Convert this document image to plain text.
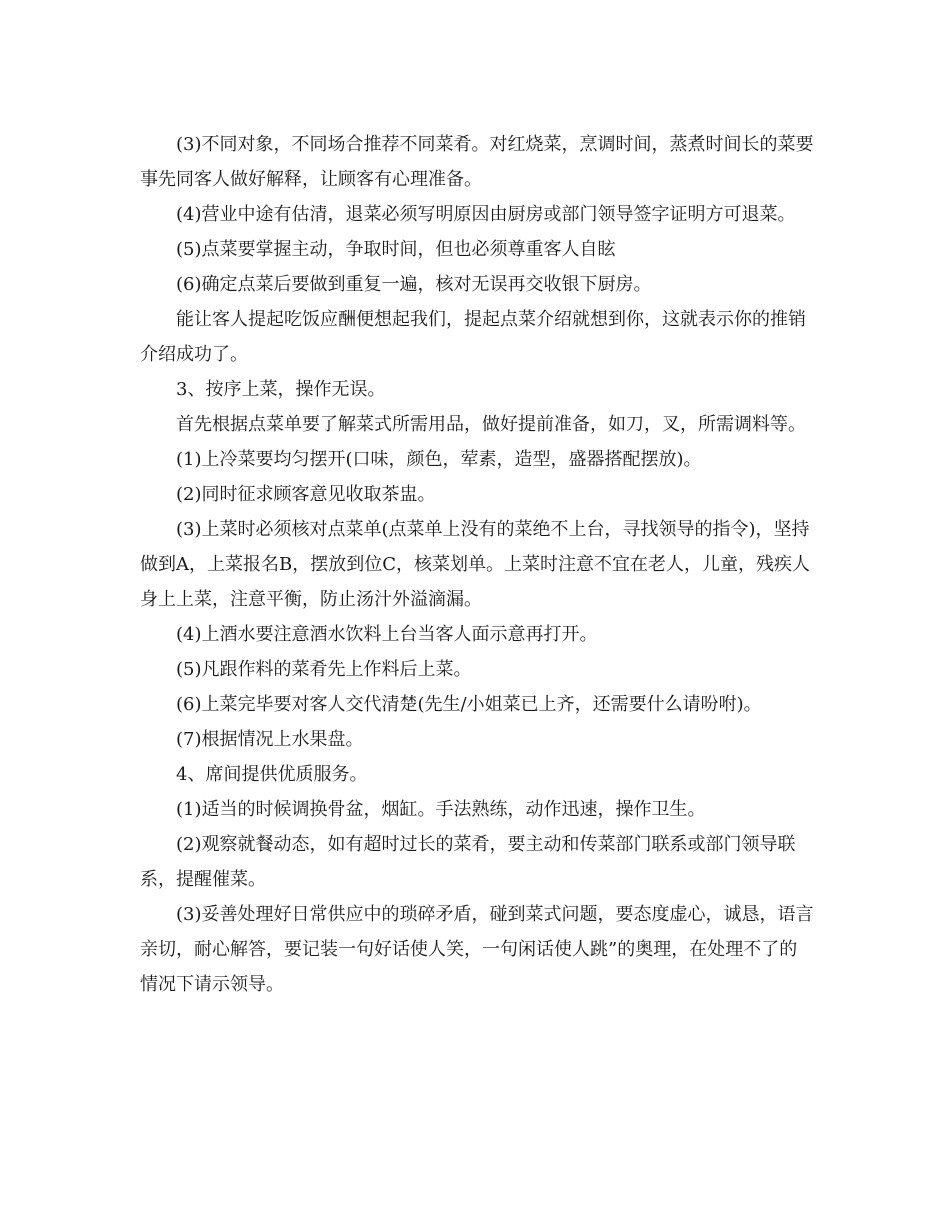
(3)不同对象，不同场合推荐不同菜肴。对红烧菜，烹调时间，蒸煮时间长的菜要事先同客人做好解释，让顾客有心理准备。

(4)营业中途有估清，退菜必须写明原因由厨房或部门领导签字证明方可退菜。

(5)点菜要掌握主动，争取时间，但也必须尊重客人自眩

(6)确定点菜后要做到重复一遍，核对无误再交收银下厨房。

能让客人提起吃饭应酬便想起我们，提起点菜介绍就想到你，这就表示你的推销介绍成功了。

3、按序上菜，操作无误。

首先根据点菜单要了解菜式所需用品，做好提前准备，如刀，叉，所需调料等。

(1)上冷菜要均匀摆开(口味，颜色，荤素，造型，盛器搭配摆放)。

(2)同时征求顾客意见收取茶盅。

(3)上菜时必须核对点菜单(点菜单上没有的菜绝不上台，寻找领导的指令)，坚持做到A，上菜报名B，摆放到位C，核菜划单。上菜时注意不宜在老人，儿童，残疾人身上上菜，注意平衡，防止汤汁外溢滴漏。

(4)上酒水要注意酒水饮料上台当客人面示意再打开。

(5)凡跟作料的菜肴先上作料后上菜。

(6)上菜完毕要对客人交代清楚(先生/小姐菜已上齐，还需要什么请吩咐)。

(7)根据情况上水果盘。

4、席间提供优质服务。

(1)适当的时候调换骨盆，烟缸。手法熟练，动作迅速，操作卫生。

(2)观察就餐动态，如有超时过长的菜肴，要主动和传菜部门联系或部门领导联系，提醒催菜。

(3)妥善处理好日常供应中的琐碎矛盾，碰到菜式问题，要态度虚心，诚恳，语言亲切，耐心解答，要记装一句好话使人笑，一句闲话使人跳”的奥理，在处理不了的情况下请示领导。
